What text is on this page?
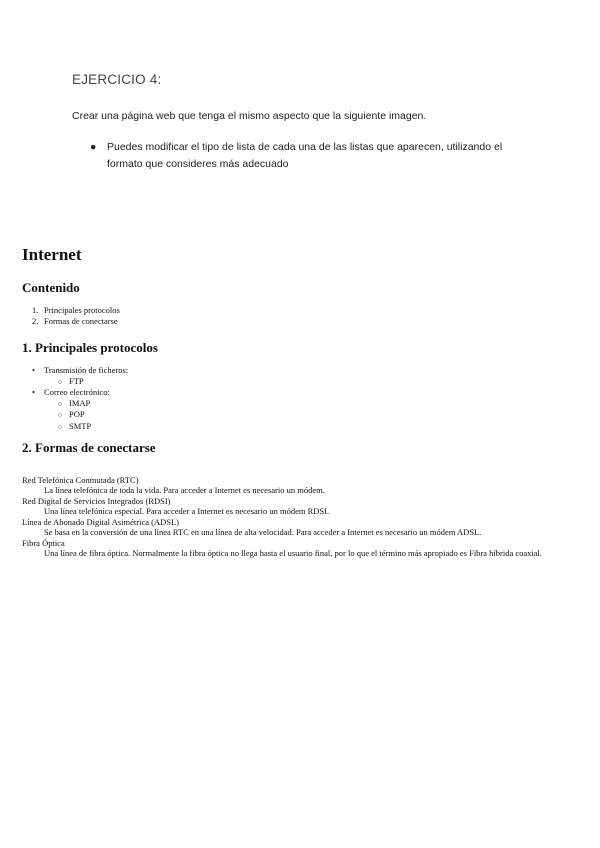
EJERCICIO 4:
Crear una página web que tenga el mismo aspecto que la siguiente imagen.
●	Puedes modificar el tipo de lista de cada una de las listas que aparecen, utilizando el formato que consideres más adecuado
Internet
Contenido
1. Principales protocolos
2. Formas de conectarse
1. Principales protocolos
• Transmisión de ficheros:
○ FTP
• Correo electrónico:
○ IMAP
○ POP
○ SMTP
2. Formas de conectarse
Red Telefónica Conmutada (RTC)
La línea telefónica de toda la vida. Para acceder a Internet es necesario un módem.
Red Digital de Servicios Integrados (RDSI)
Una línea telefónica especial. Para acceder a Internet es necesario un módem RDSI.
Línea de Abonado Digital Asimétrica (ADSL)
Se basa en la conversión de una línea RTC en una línea de alta velocidad. Para acceder a Internet es necesario un módem ADSL.
Fibra Óptica
Una línea de fibra óptica. Normalmente la fibra óptica no llega hasta el usuario final, por lo que el término más apropiado es Fibra híbrida coaxial.
